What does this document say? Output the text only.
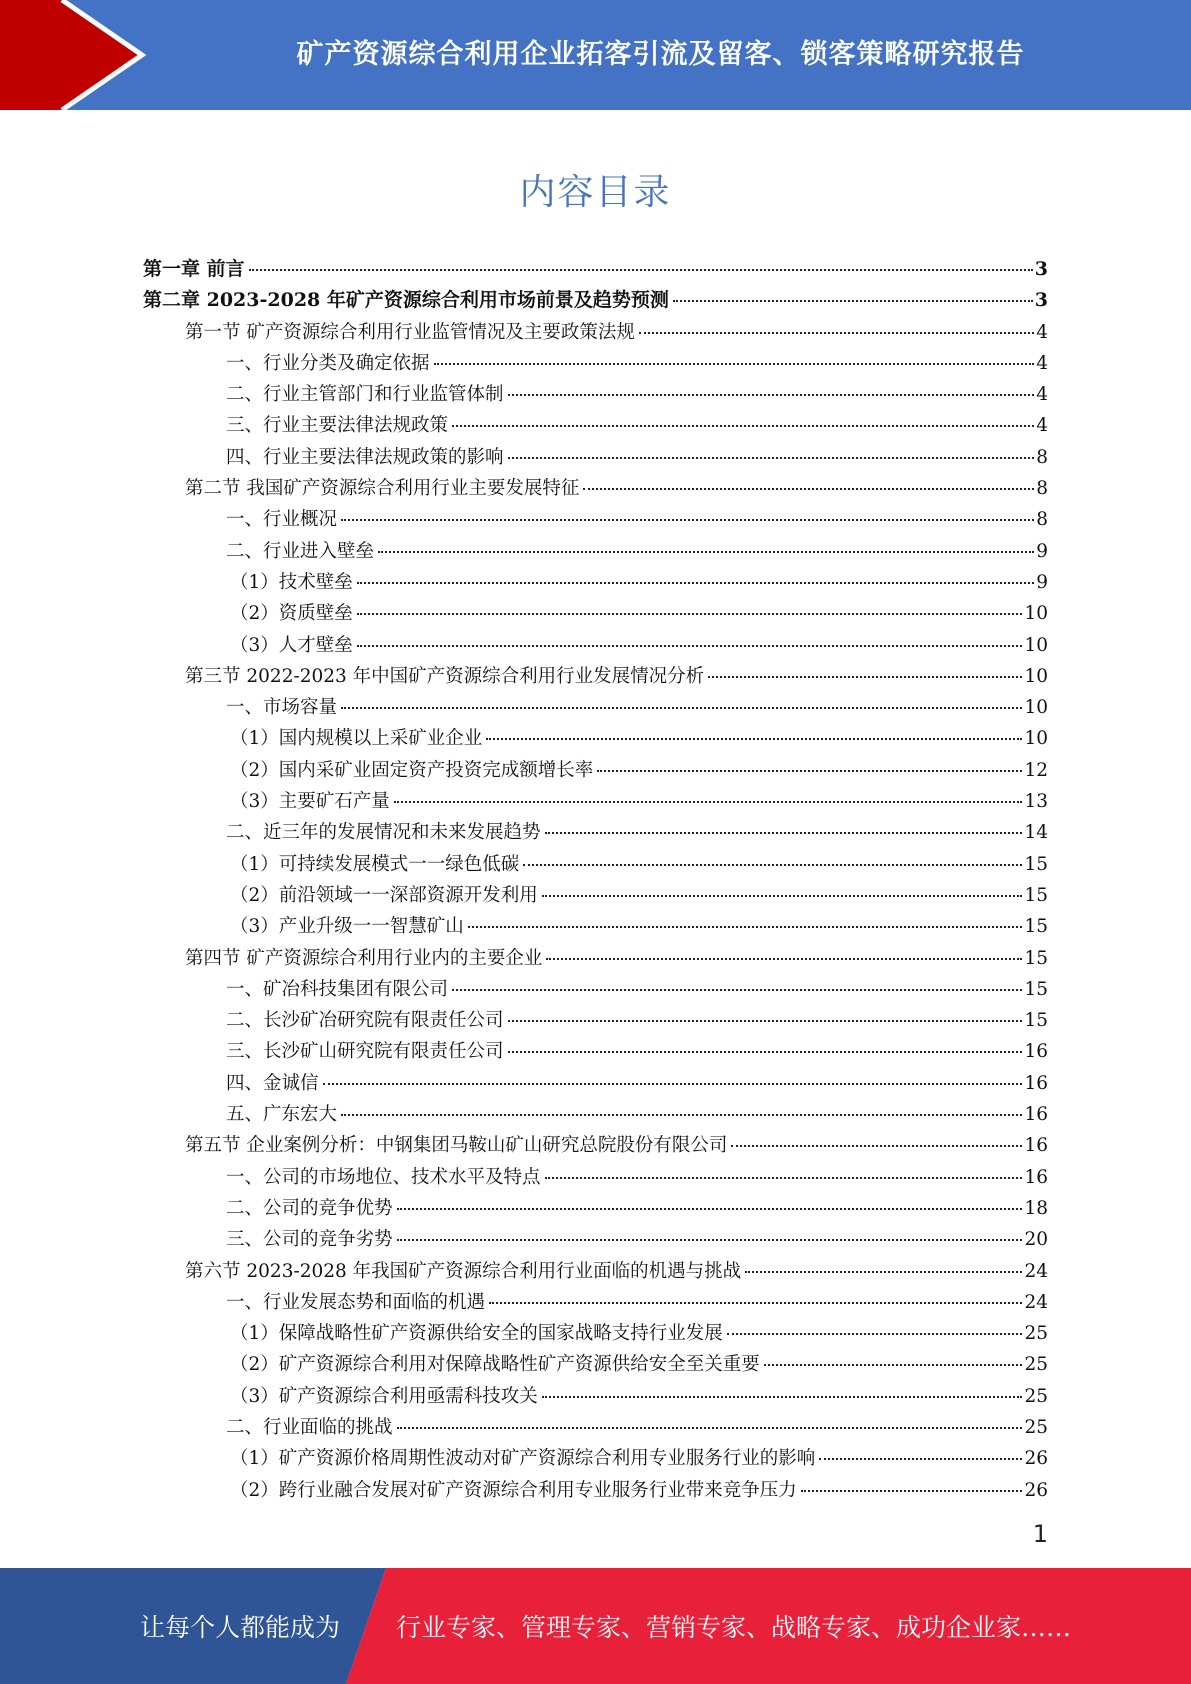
矿产资源综合利用企业拓客引流及留客、锁客策略研究报告
内容目录
第一章 前言	3
第二章 2023-2028 年矿产资源综合利用市场前景及趋势预测	3
第一节 矿产资源综合利用行业监管情况及主要政策法规	4
一、行业分类及确定依据	4
二、行业主管部门和行业监管体制	4
三、行业主要法律法规政策	4
四、行业主要法律法规政策的影响	8
第二节 我国矿产资源综合利用行业主要发展特征	8
一、行业概况	8
二、行业进入壁垒	9
（1）技术壁垒	9
（2）资质壁垒	10
（3）人才壁垒	10
第三节 2022-2023 年中国矿产资源综合利用行业发展情况分析	10
一、市场容量	10
（1）国内规模以上采矿业企业	10
（2）国内采矿业固定资产投资完成额增长率	12
（3）主要矿石产量	13
二、近三年的发展情况和未来发展趋势	14
（1）可持续发展模式一一绿色低碳	15
（2）前沿领域一一深部资源开发利用	15
（3）产业升级一一智慧矿山	15
第四节 矿产资源综合利用行业内的主要企业	15
一、矿冶科技集团有限公司	15
二、长沙矿冶研究院有限责任公司	15
三、长沙矿山研究院有限责任公司	16
四、金诚信	16
五、广东宏大	16
第五节 企业案例分析：中钢集团马鞍山矿山研究总院股份有限公司	16
一、公司的市场地位、技术水平及特点	16
二、公司的竞争优势	18
三、公司的竞争劣势	20
第六节 2023-2028 年我国矿产资源综合利用行业面临的机遇与挑战	24
一、行业发展态势和面临的机遇	24
（1）保障战略性矿产资源供给安全的国家战略支持行业发展	25
（2）矿产资源综合利用对保障战略性矿产资源供给安全至关重要	25
（3）矿产资源综合利用亟需科技攻关	25
二、行业面临的挑战	25
（1）矿产资源价格周期性波动对矿产资源综合利用专业服务行业的影响	26
（2）跨行业融合发展对矿产资源综合利用专业服务行业带来竞争压力	26
1
让每个人都能成为 行业专家、管理专家、营销专家、战略专家、成功企业家……
